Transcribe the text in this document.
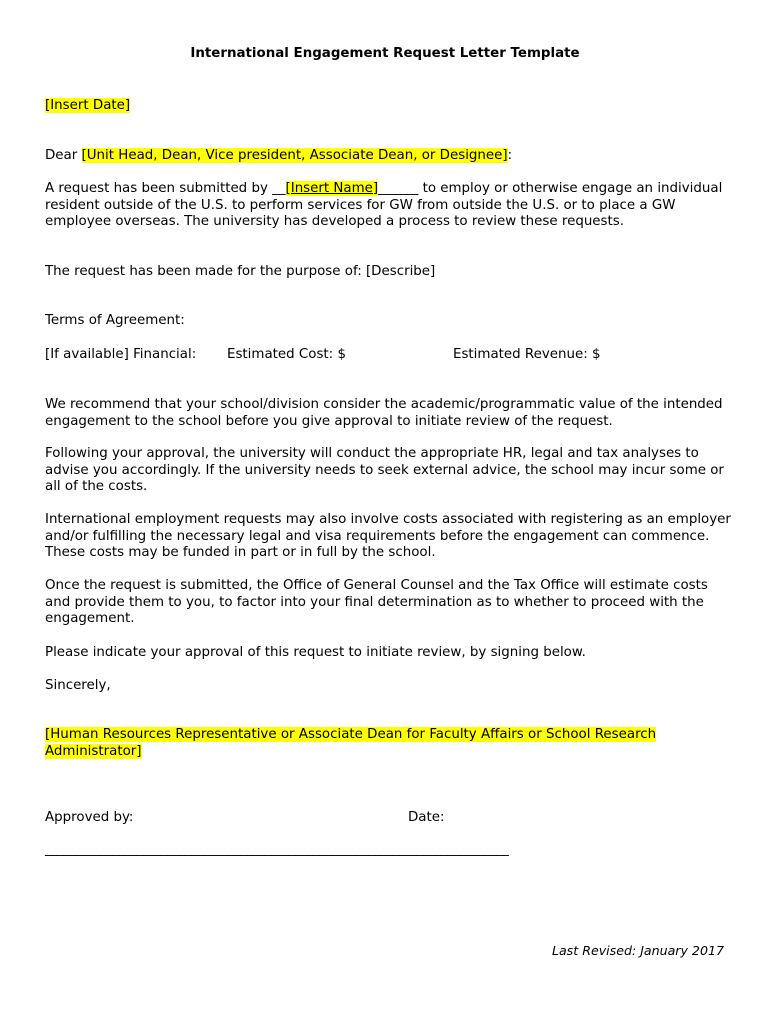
International Engagement Request Letter Template

[Insert Date]

Dear [Unit Head, Dean, Vice president, Associate Dean, or Designee]:

A request has been submitted by __[Insert Name]______ to employ or otherwise engage an individual resident outside of the U.S. to perform services for GW from outside the U.S. or to place a GW employee overseas. The university has developed a process to review these requests.

The request has been made for the purpose of: [Describe]

Terms of Agreement:

[If available] Financial: Estimated Cost: $	Estimated Revenue: $

We recommend that your school/division consider the academic/programmatic value of the intended engagement to the school before you give approval to initiate review of the request.

Following your approval, the university will conduct the appropriate HR, legal and tax analyses to advise you accordingly. If the university needs to seek external advice, the school may incur some or all of the costs.

International employment requests may also involve costs associated with registering as an employer and/or fulfilling the necessary legal and visa requirements before the engagement can commence. These costs may be funded in part or in full by the school.

Once the request is submitted, the Office of General Counsel and the Tax Office will estimate costs and provide them to you, to factor into your final determination as to whether to proceed with the engagement.

Please indicate your approval of this request to initiate review, by signing below.

Sincerely,

[Human Resources Representative or Associate Dean for Faculty Affairs or School Research Administrator]

Approved by:	Date:

____________________________________________________________________________

Last Revised: January 2017
